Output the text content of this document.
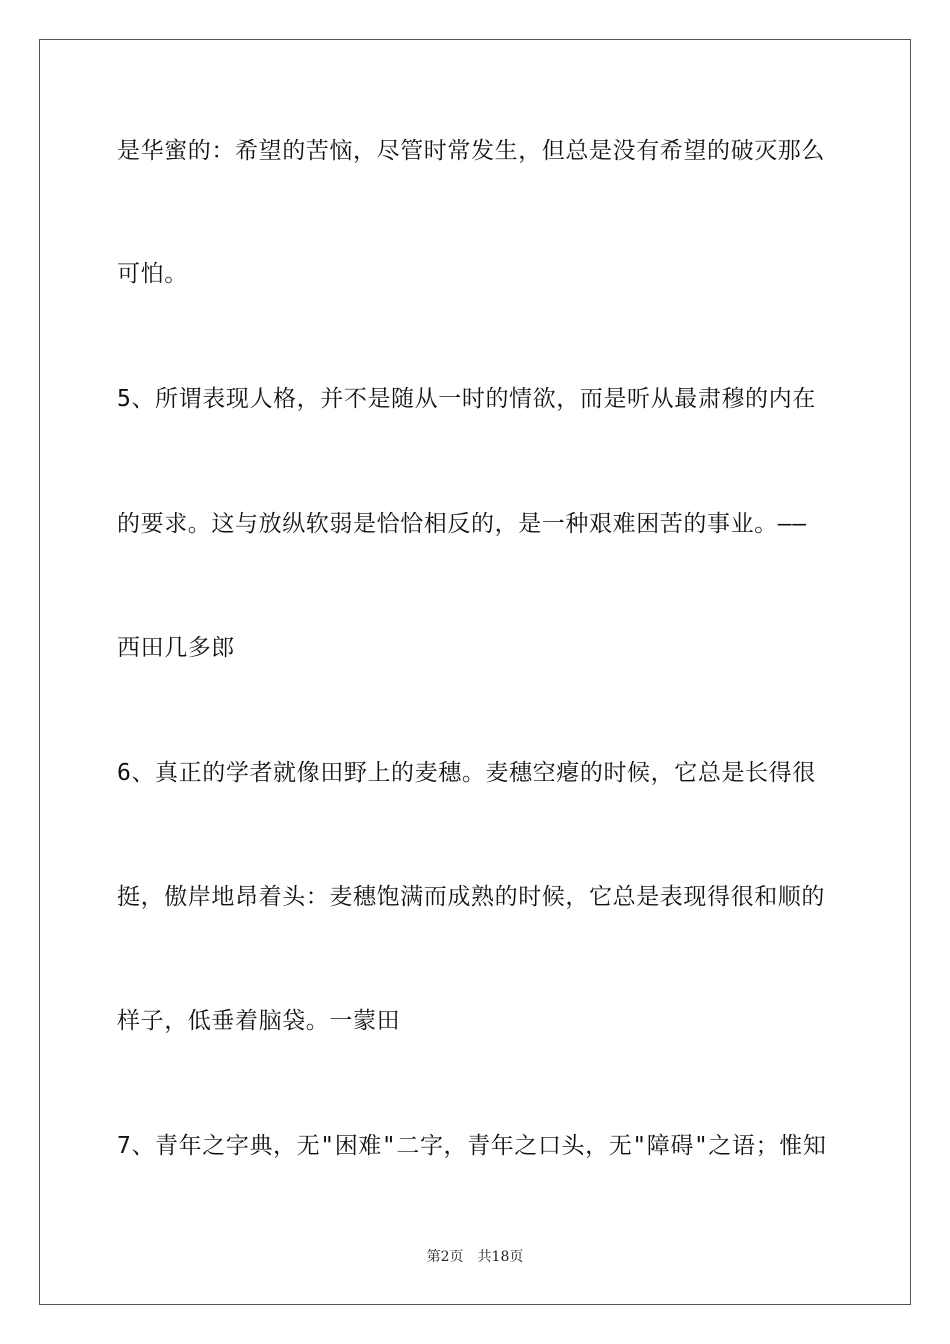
是华蜜的：希望的苦恼，尽管时常发生，但总是没有希望的破灭那么

可怕。

5、所谓表现人格，并不是随从一时的情欲，而是听从最肃穆的内在

的要求。这与放纵软弱是恰恰相反的，是一种艰难困苦的事业。——

西田几多郎

6、真正的学者就像田野上的麦穗。麦穗空瘪的时候，它总是长得很

挺，傲岸地昂着头：麦穗饱满而成熟的时候，它总是表现得很和顺的

样子，低垂着脑袋。一蒙田

7、青年之字典，无"困难"二字，青年之口头，无"障碍"之语；惟知

第2页 共18页
